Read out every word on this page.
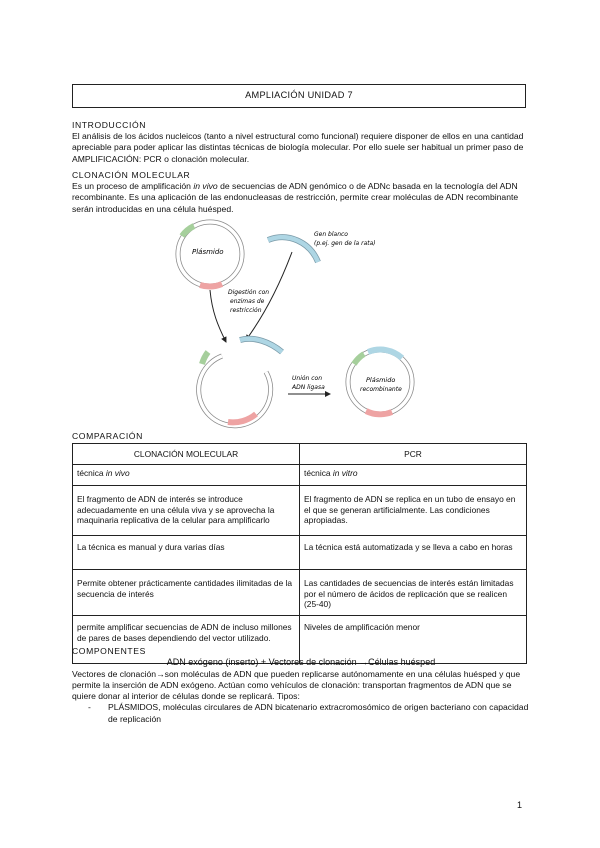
AMPLIACIÓN UNIDAD 7
INTRODUCCIÓN

El análisis de los ácidos nucleicos (tanto a nivel estructural como funcional) requiere disponer de ellos en una cantidad apreciable para poder aplicar las distintas técnicas de biología molecular. Por ello suele ser habitual un primer paso de AMPLIFICACIÓN: PCR o clonación molecular.

CLONACIÓN MOLECULAR

Es un proceso de amplificación in vivo de secuencias de ADN genómico o de ADNc basada en la tecnología del ADN recombinante. Es una aplicación de las endonucleasas de restricción, permite crear moléculas de ADN recombinante serán introducidas en una célula huésped.

Plásmido
Gen blanco
(p.ej. gen de la rata)
Digestión con
enzimas de
restricción
Unión con
ADN ligasa
Plásmido
recombinante
COMPARACIÓN
CLONACIÓN MOLECULAR	PCR
técnica in vivo	técnica in vitro
El fragmento de ADN de interés se introduce adecuadamente en una célula viva y se aprovecha la maquinaria replicativa de la celular para amplificarlo	El fragmento de ADN se replica en un tubo de ensayo en el que se generan artificialmente. Las condiciones apropiadas.
La técnica es manual y dura varias días	La técnica está automatizada y se lleva a cabo en horas
Permite obtener prácticamente cantidades ilimitadas de la secuencia de interés	Las cantidades de secuencias de interés están limitadas por el número de ácidos de replicación que se realicen (25-40)
permite amplificar secuencias de ADN de incluso millones de pares de bases dependiendo del vector utilizado.	Niveles de amplificación menor
COMPONENTES
ADN exógeno (inserto) + Vectores de clonación →Células huésped

Vectores de clonación→son moléculas de ADN que pueden replicarse autónomamente en una células huésped y que permite la inserción de ADN exógeno. Actúan como vehículos de clonación: transportan fragmentos de ADN que se quiere donar al interior de células donde se replicará. Tipos:

- PLÁSMIDOS, moléculas circulares de ADN bicatenario extracromosómico de origen bacteriano con capacidad de replicación
1
